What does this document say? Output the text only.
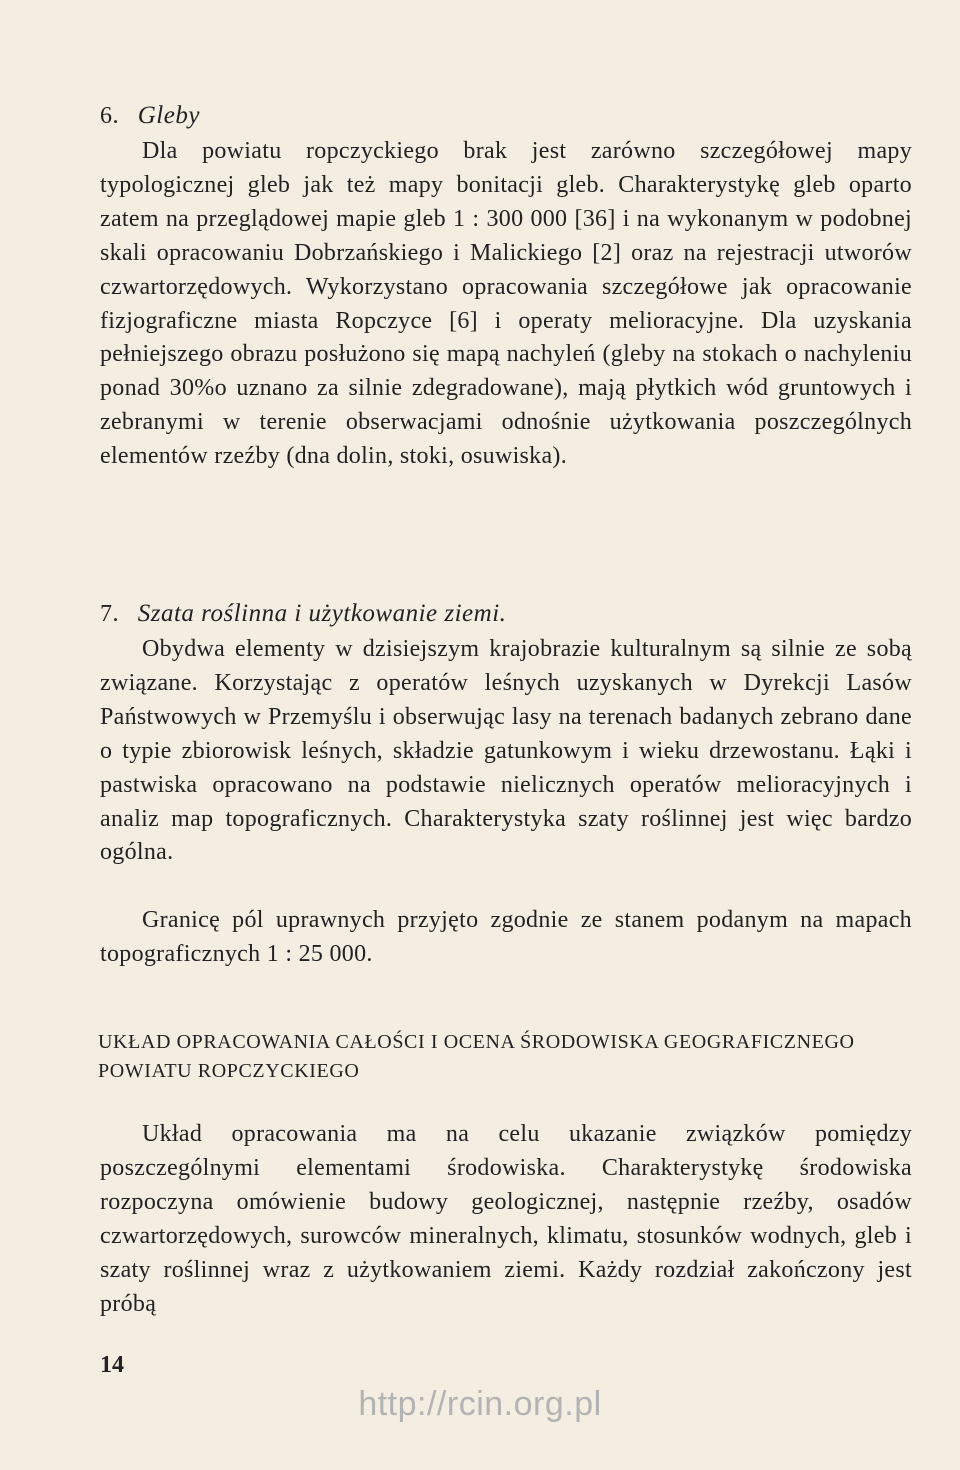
6. Gleby

Dla powiatu ropczyckiego brak jest zarówno szczegółowej mapy typologicznej gleb jak też mapy bonitacji gleb. Charakterystykę gleb oparto zatem na przeglądowej mapie gleb 1 : 300 000 [36] i na wykonanym w podobnej skali opracowaniu Dobrzańskiego i Malickiego [2] oraz na rejestracji utworów czwartorzędowych. Wykorzystano opracowania szczegółowe jak opracowanie fizjograficzne miasta Ropczyce [6] i operaty melioracyjne. Dla uzyskania pełniejszego obrazu posłużono się mapą nachyleń (gleby na stokach o nachyleniu ponad 30%o uznano za silnie zdegradowane), mają płytkich wód gruntowych i zebranymi w terenie obserwacjami odnośnie użytkowania poszczególnych elementów rzeźby (dna dolin, stoki, osuwiska).

7. Szata roślinna i użytkowanie ziemi.

Obydwa elementy w dzisiejszym krajobrazie kulturalnym są silnie ze sobą związane. Korzystając z operatów leśnych uzyskanych w Dyrekcji Lasów Państwowych w Przemyślu i obserwując lasy na terenach badanych zebrano dane o typie zbiorowisk leśnych, składzie gatunkowym i wieku drzewostanu. Łąki i pastwiska opracowano na podstawie nielicznych operatów melioracyjnych i analiz map topograficznych. Charakterystyka szaty roślinnej jest więc bardzo ogólna.

Granicę pól uprawnych przyjęto zgodnie ze stanem podanym na mapach topograficznych 1 : 25 000.

UKŁAD OPRACOWANIA CAŁOŚCI I OCENA ŚRODOWISKA GEOGRAFICZNEGO POWIATU ROPCZYCKIEGO

Układ opracowania ma na celu ukazanie związków pomiędzy poszczególnymi elementami środowiska. Charakterystykę środowiska rozpoczyna omówienie budowy geologicznej, następnie rzeźby, osadów czwartorzędowych, surowców mineralnych, klimatu, stosunków wodnych, gleb i szaty roślinnej wraz z użytkowaniem ziemi. Każdy rozdział zakończony jest próbą

14
http://rcin.org.pl
